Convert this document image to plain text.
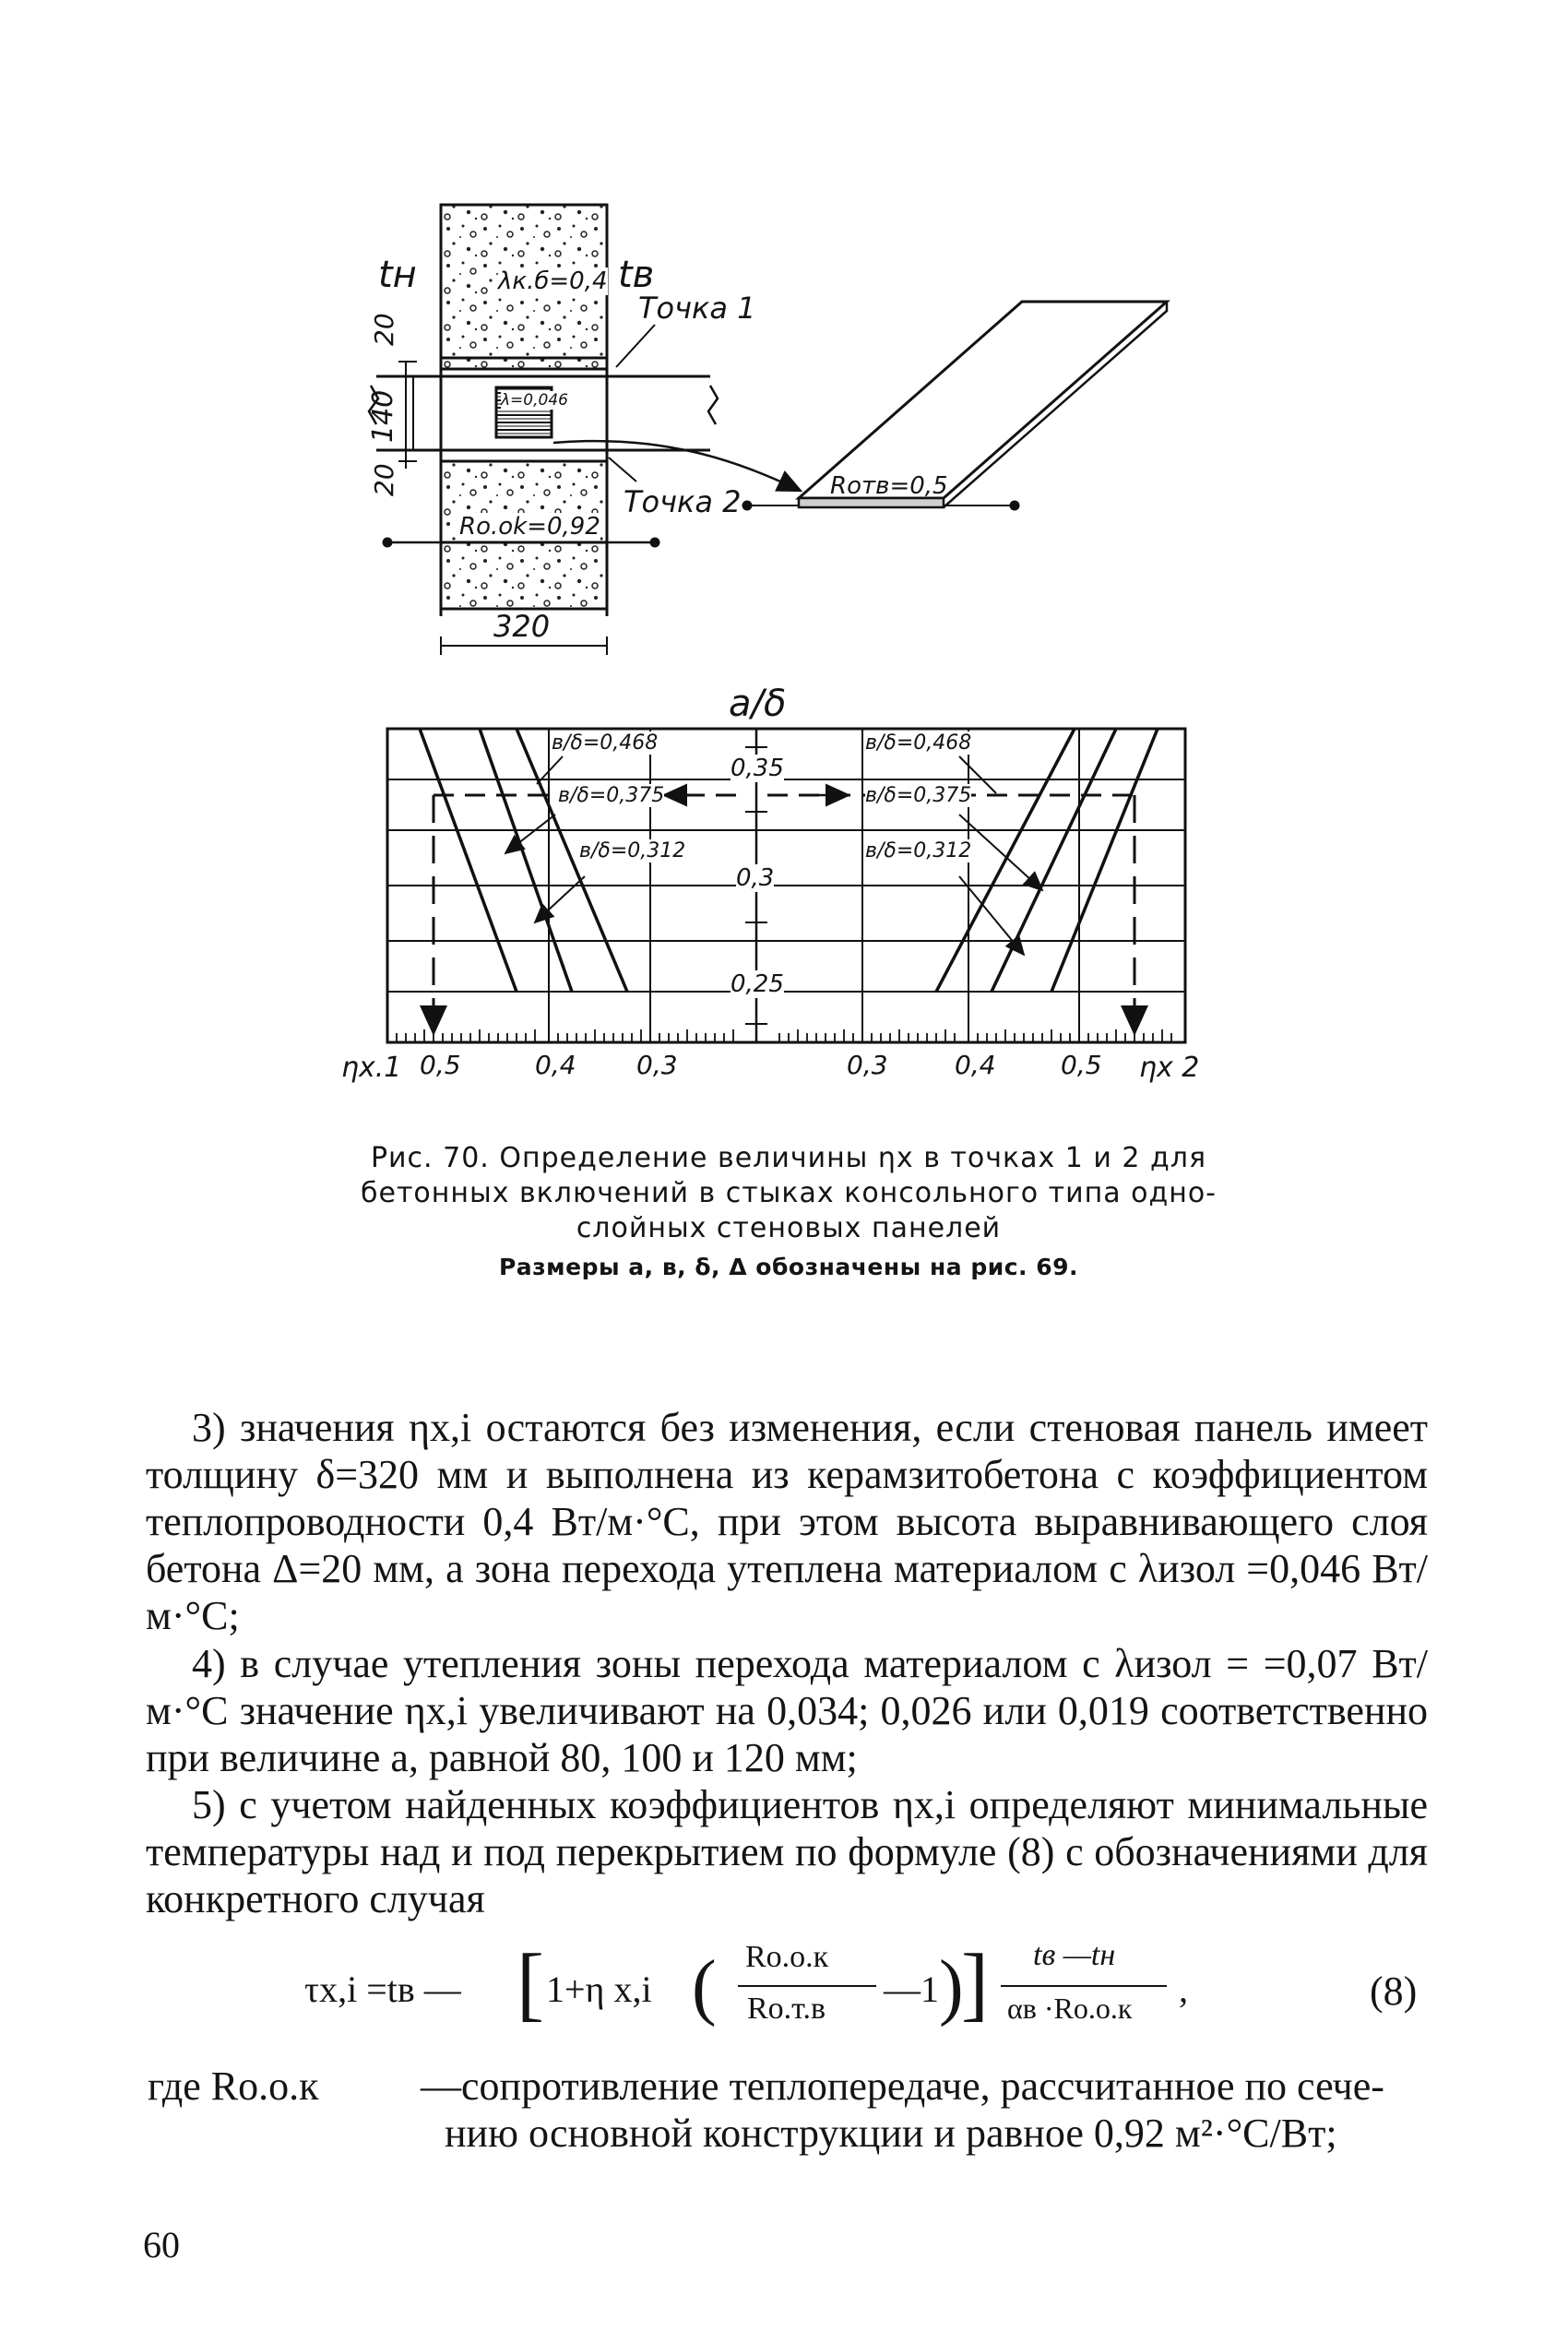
tн	tв
λк.б=0,4
Точка 1
20
140
20
λ=0,046
Точка 2
Ro.ok=0,92
Rотв=0,5
320
a/δ
0,35
0,3
0,25
в/δ=0,468
в/δ=0,375
в/δ=0,312
в/δ=0,468
в/δ=0,375
в/δ=0,312
ηx.1 0,5	0,4 0,3	0,3	0,4	0,5 ηx 2
Рис. 70. Определение величины ηx в точках 1 и 2 для
бетонных включений в стыках консольного типа одно-
слойных стеновых панелей
Размеры а, в, δ, Δ обозначены на рис. 69.
3) значения ηx,i остаются без изменения, если стеновая панель имеет толщину δ=320 мм и выполнена из керамзитобетона с коэффициентом теплопроводности 0,4 Вт/м·°С, при этом высота выравнивающего слоя бетона Δ=20 мм, а зона перехода утеплена материалом с λизол =0,046 Вт/м·°С;
4) в случае утепления зоны перехода материалом с λизол = =0,07 Вт/м·°С значение ηx,i увеличивают на 0,034; 0,026 или 0,019 соответственно при величине a, равной 80, 100 и 120 мм;
5) с учетом найденных коэффициентов ηx,i определяют минимальные температуры над и под перекрытием по формуле (8) с обозначениями для конкретного случая
τx,i =tв — [ 1+η x,i ( Ro.o.к
Ro.т.в —1 )
] tв —tн
αв ·Ro.o.к ,	(8)
где Ro.o.к	—сопротивление теплопередаче, рассчитанное по сече-
нию основной конструкции и равное 0,92 м²·°С/Вт;
60
